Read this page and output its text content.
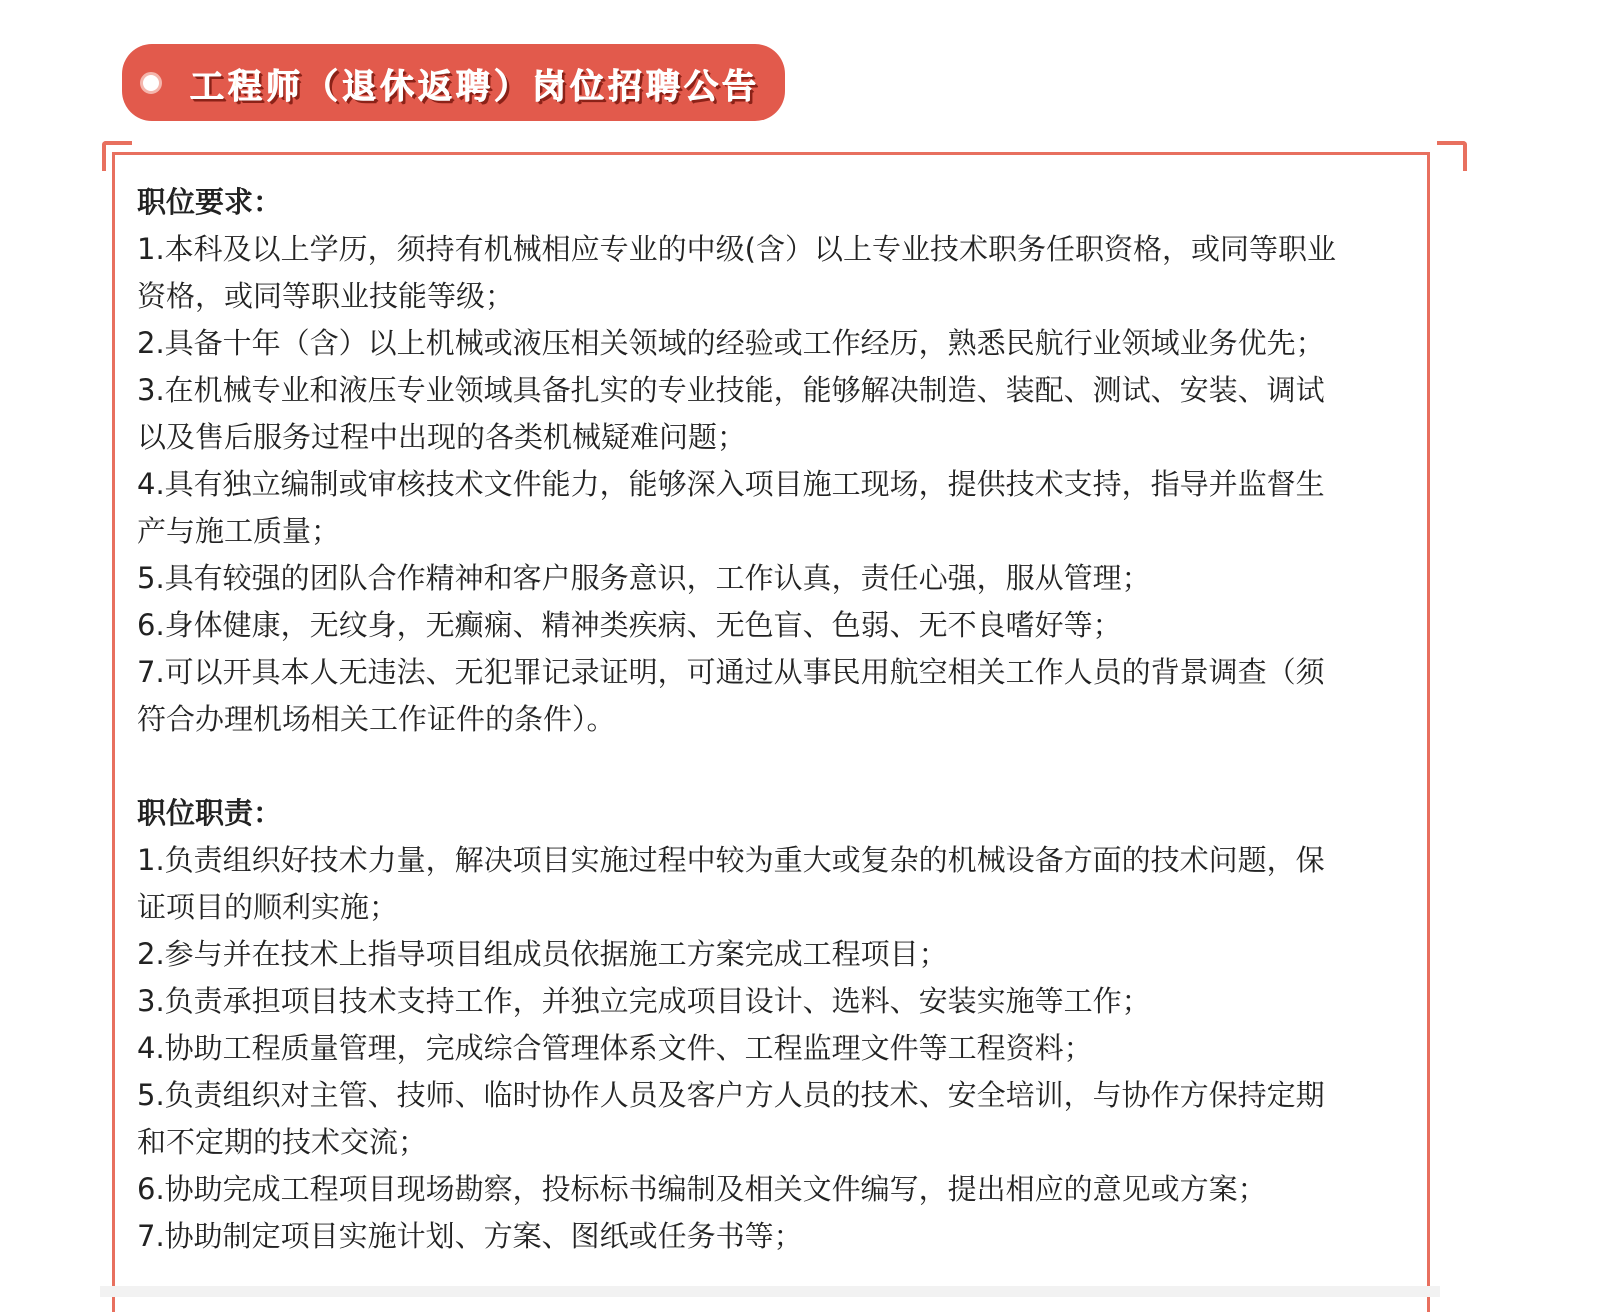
工程师（退休返聘）岗位招聘公告

职位要求：

1.本科及以上学历，须持有机械相应专业的中级(含）以上专业技术职务任职资格，或同等职业

资格，或同等职业技能等级；

2.具备十年（含）以上机械或液压相关领域的经验或工作经历，熟悉民航行业领域业务优先；

3.在机械专业和液压专业领域具备扎实的专业技能，能够解决制造、装配、测试、安装、调试

以及售后服务过程中出现的各类机械疑难问题；

4.具有独立编制或审核技术文件能力，能够深入项目施工现场，提供技术支持，指导并监督生

产与施工质量；

5.具有较强的团队合作精神和客户服务意识，工作认真，责任心强，服从管理；

6.身体健康，无纹身，无癫痫、精神类疾病、无色盲、色弱、无不良嗜好等；

7.可以开具本人无违法、无犯罪记录证明，可通过从事民用航空相关工作人员的背景调查（须

符合办理机场相关工作证件的条件）。

职位职责：

1.负责组织好技术力量，解决项目实施过程中较为重大或复杂的机械设备方面的技术问题，保

证项目的顺利实施；

2.参与并在技术上指导项目组成员依据施工方案完成工程项目；

3.负责承担项目技术支持工作，并独立完成项目设计、选料、安装实施等工作；

4.协助工程质量管理，完成综合管理体系文件、工程监理文件等工程资料；

5.负责组织对主管、技师、临时协作人员及客户方人员的技术、安全培训，与协作方保持定期

和不定期的技术交流；

6.协助完成工程项目现场勘察，投标标书编制及相关文件编写，提出相应的意见或方案；

7.协助制定项目实施计划、方案、图纸或任务书等；
